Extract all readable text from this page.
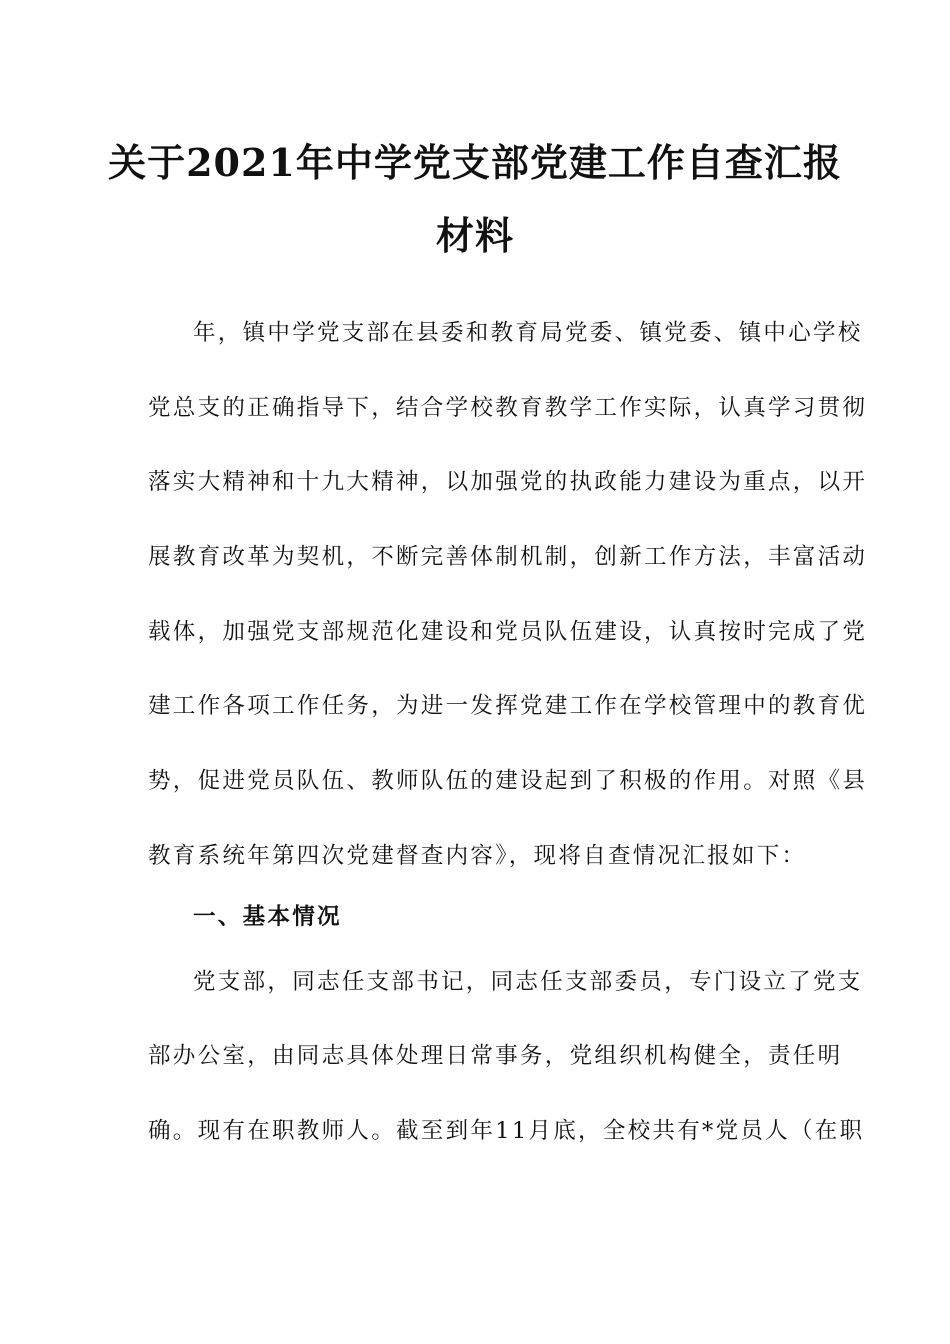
关于2021年中学党支部党建工作自查汇报
材料
年，镇中学党支部在县委和教育局党委、镇党委、镇中心学校
党总支的正确指导下，结合学校教育教学工作实际，认真学习贯彻
落实大精神和十九大精神，以加强党的执政能力建设为重点，以开
展教育改革为契机，不断完善体制机制，创新工作方法，丰富活动
载体，加强党支部规范化建设和党员队伍建设，认真按时完成了党
建工作各项工作任务，为进一发挥党建工作在学校管理中的教育优
势，促进党员队伍、教师队伍的建设起到了积极的作用。对照《县
教育系统年第四次党建督查内容》，现将自查情况汇报如下：
一、基本情况
党支部，同志任支部书记，同志任支部委员，专门设立了党支
部办公室，由同志具体处理日常事务，党组织机构健全，责任明
确。现有在职教师人。截至到年11月底，全校共有*党员人（在职
